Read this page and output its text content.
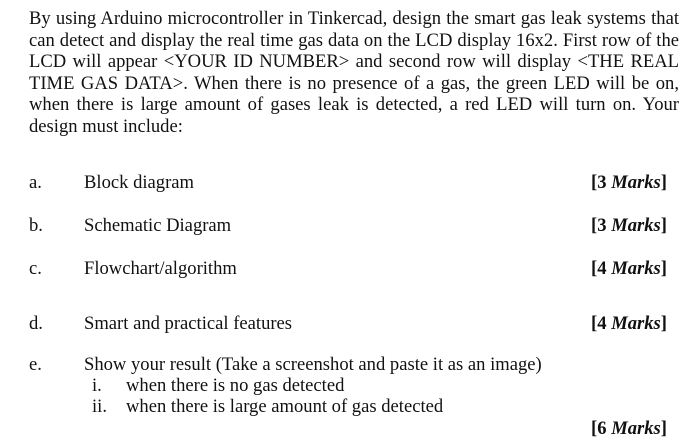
By using Arduino microcontroller in Tinkercad, design the smart gas leak systems that
can detect and display the real time gas data on the LCD display 16x2. First row of the
LCD will appear <YOUR ID NUMBER> and second row will display <THE REAL
TIME GAS DATA>. When there is no presence of a gas, the green LED will be on,
when there is large amount of gases leak is detected, a red LED will turn on. Your
design must include:
a. Block diagram	[3 Marks]
b. Schematic Diagram	[3 Marks]
c. Flowchart/algorithm	[4 Marks]
d. Smart and practical features	[4 Marks]
e. Show your result (Take a screenshot and paste it as an image)
i. when there is no gas detected
ii. when there is large amount of gas detected
[6 Marks]
